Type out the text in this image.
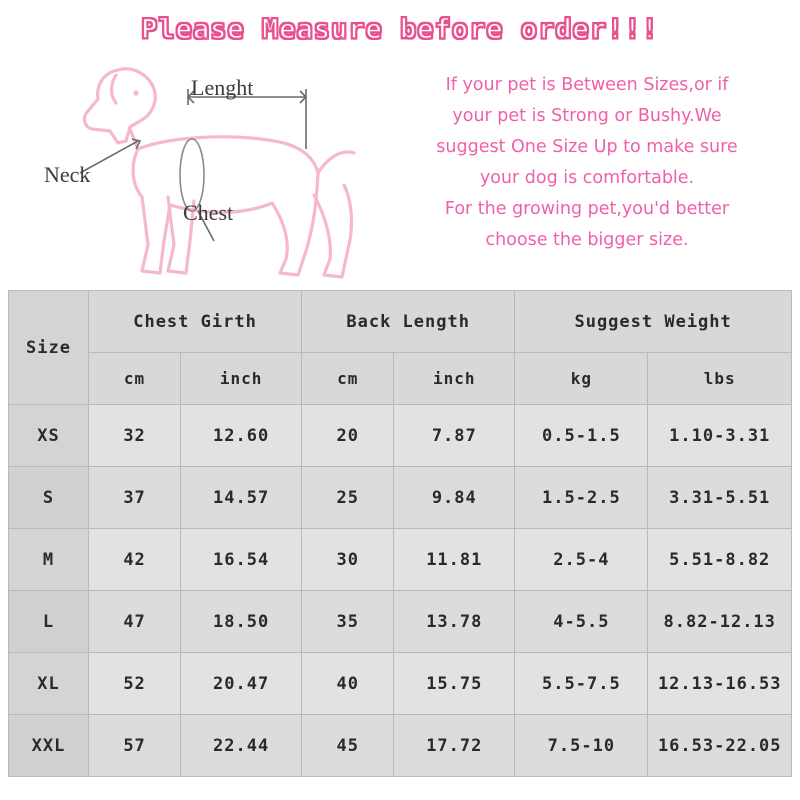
Please Measure before order!!!
Neck
Lenght
Chest
If your pet is Between Sizes,or if
your pet is Strong or Bushy.We
suggest One Size Up to make sure
your dog is comfortable.
For the growing pet,you'd better
choose the bigger size.
Size	Chest Girth		Back Length		Suggest Weight	
	cm	inch	cm	inch	kg	lbs
XS	32	12.60	20	7.87	0.5-1.5	1.10-3.31
S	37	14.57	25	9.84	1.5-2.5	3.31-5.51
M	42	16.54	30	11.81	2.5-4	5.51-8.82
L	47	18.50	35	13.78	4-5.5	8.82-12.13
XL	52	20.47	40	15.75	5.5-7.5	12.13-16.53
XXL	57	22.44	45	17.72	7.5-10	16.53-22.05
